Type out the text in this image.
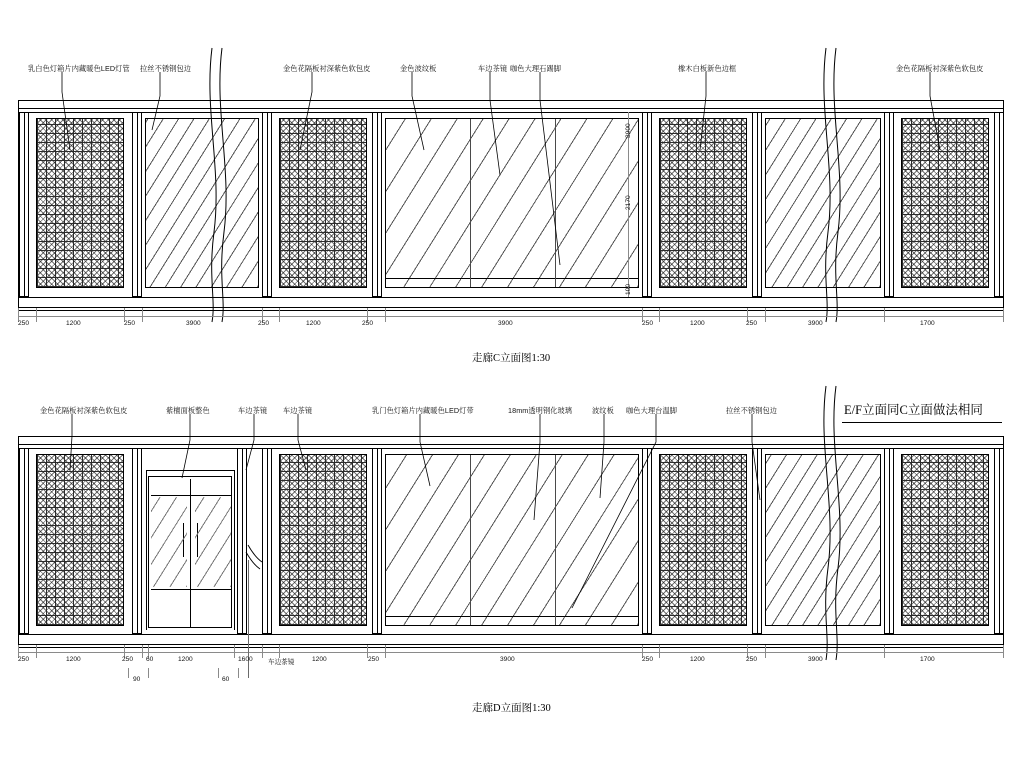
乳白色灯箱片内藏暖色LED灯管 拉丝不锈钢包边	金色花隔板衬深紫色软包皮	金色波纹板	车边茶镜 咖色大理石踢脚	橡木白板新色边框	金色花隔板衬深紫色软包皮
3900
2170
100
250	1200	250	3900	250	1200	250	3900	250	1200	250	3900	1700
走廊C立面图1:30
E/F立面同C立面做法相同
金色花隔板衬深紫色软包皮	紫檀面板整色	车边茶镜 车边茶镜	乳门色灯箱片内藏暖色LED灯带	18mm透明钢化玻璃	波纹板 咖色大理台温脚	拉丝不锈钢包边
250	1200	250 60	1200	1600 车边茶镜	1200	250	3900	250	1200	250	3900	1700
90	60
走廊D立面图1:30
